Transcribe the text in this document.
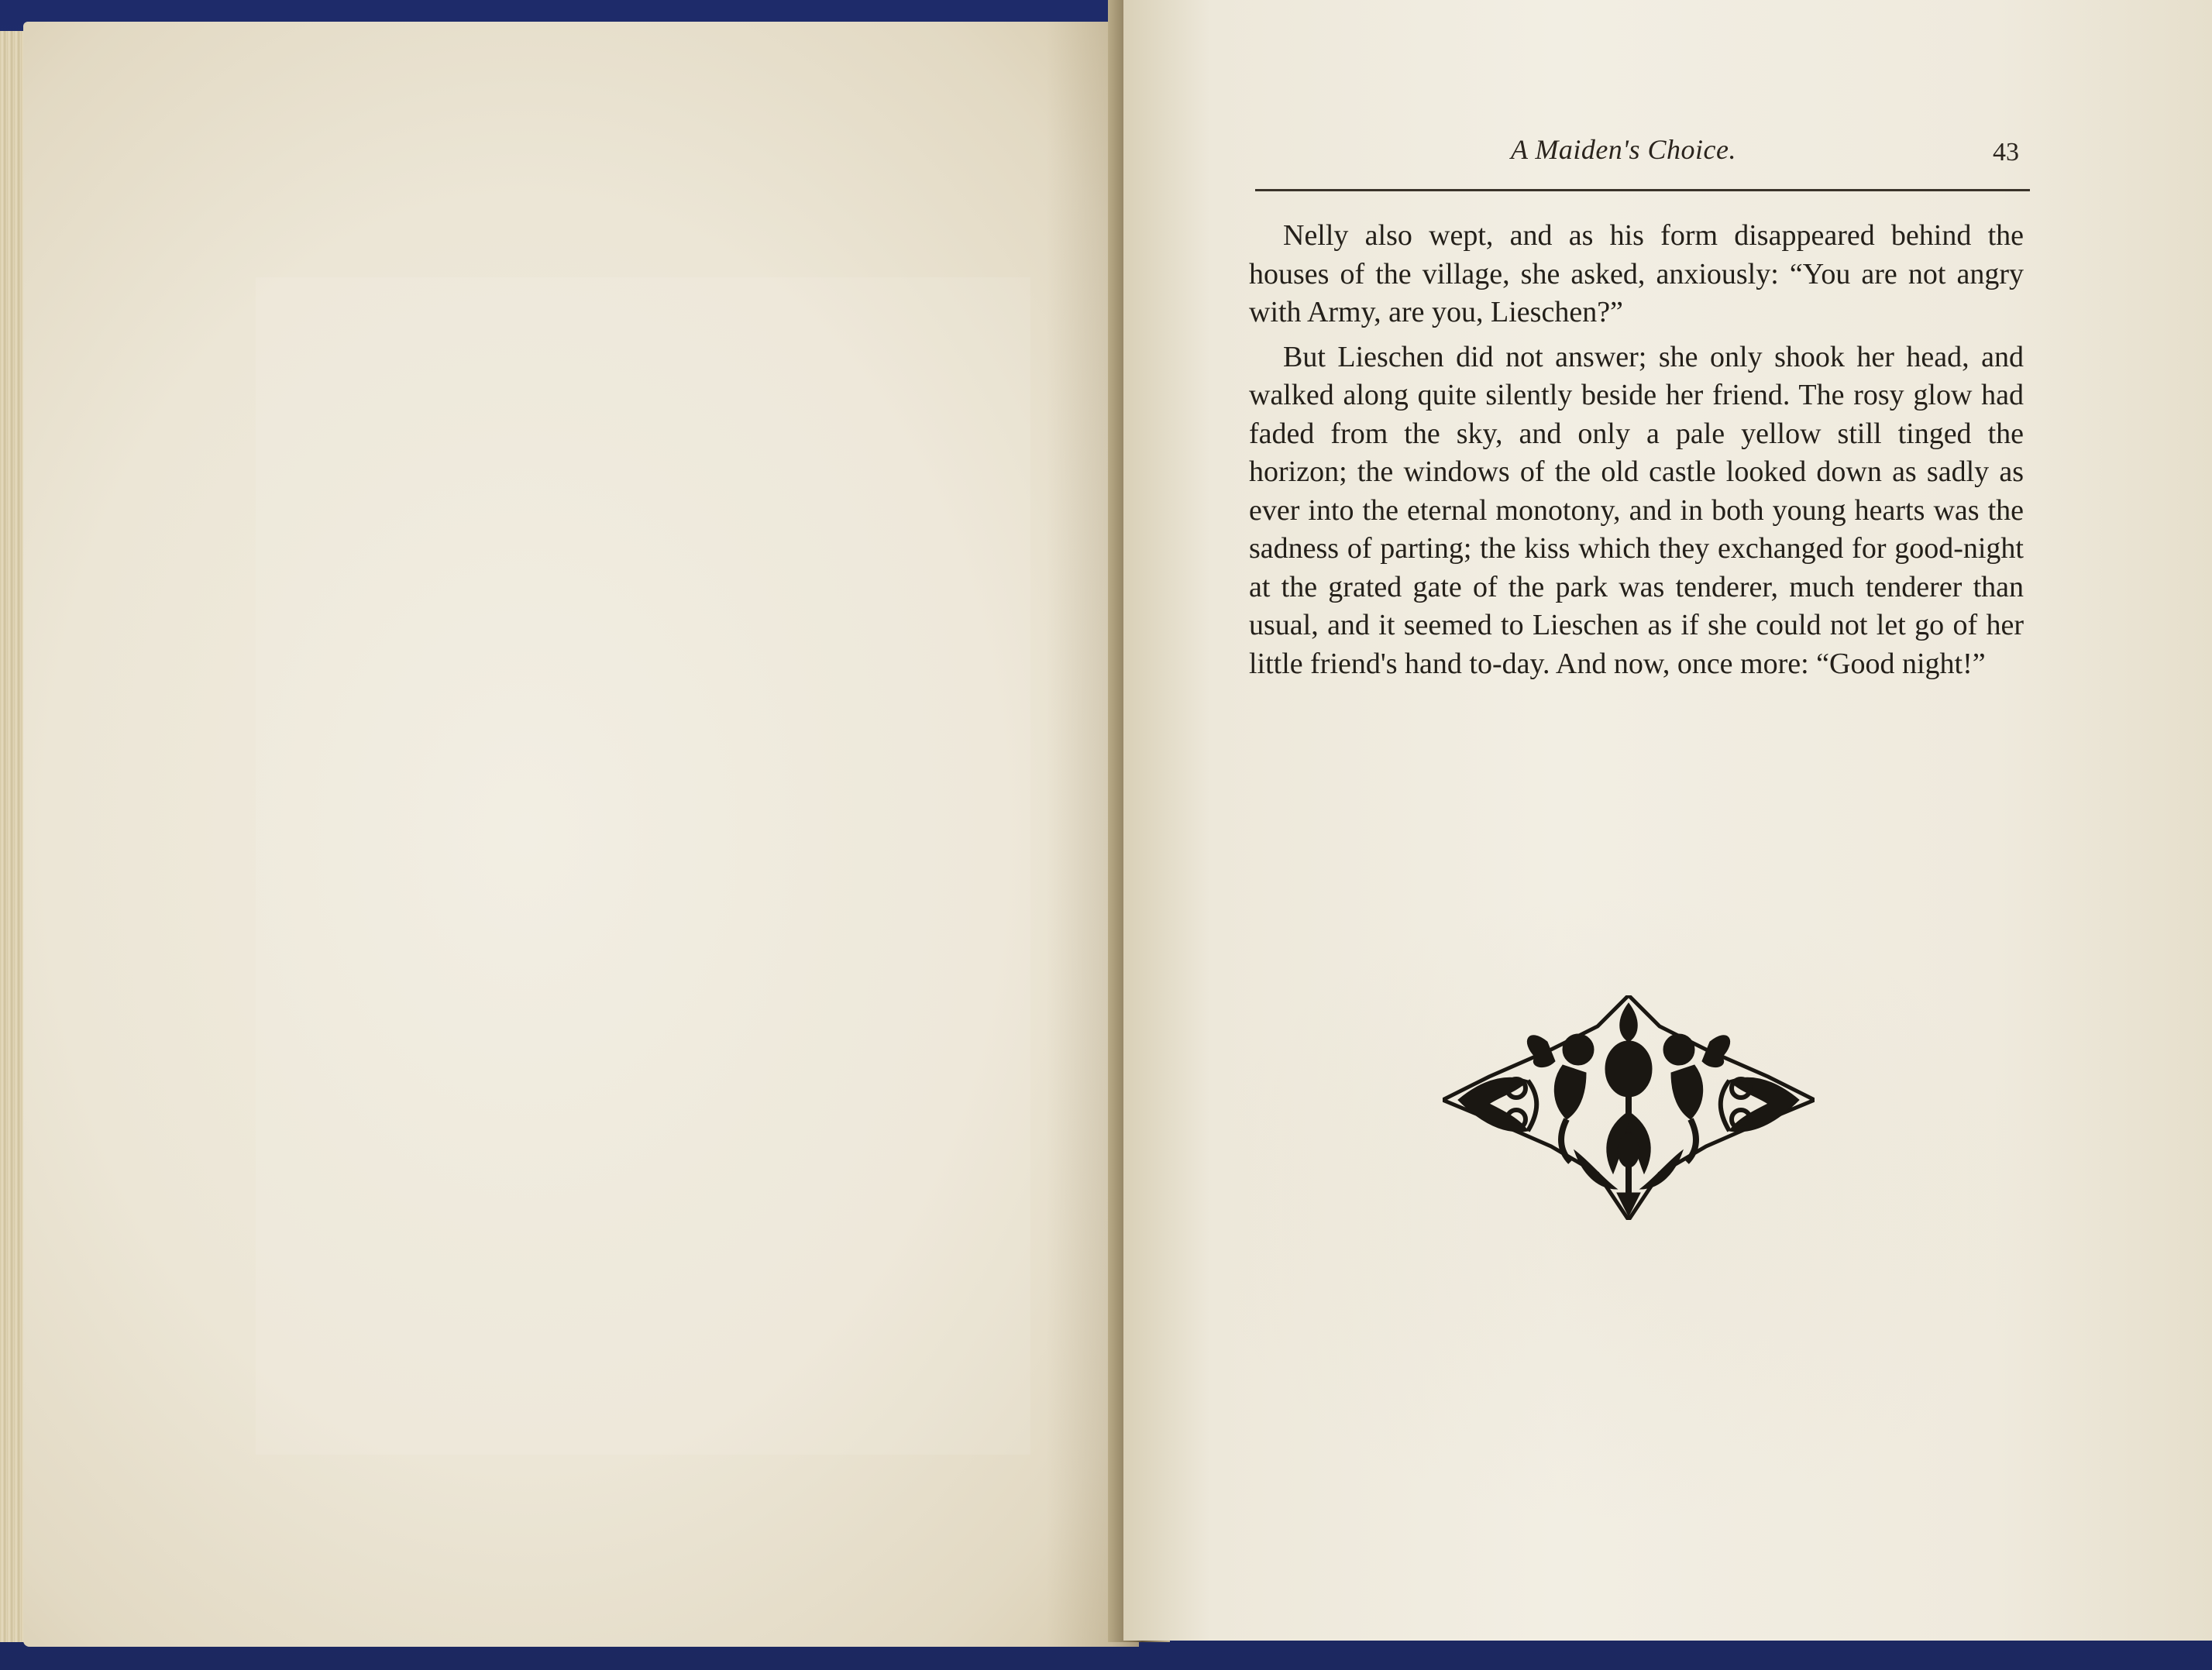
A Maiden's Choice.	43

Nelly also wept, and as his form disappeared behind the houses of the village, she asked, anxiously: “You are not angry with Army, are you, Lieschen?”

But Lieschen did not answer; she only shook her head, and walked along quite silently beside her friend. The rosy glow had faded from the sky, and only a pale yellow still tinged the horizon; the windows of the old castle looked down as sadly as ever into the eternal monotony, and in both young hearts was the sadness of parting; the kiss which they exchanged for good-night at the grated gate of the park was tenderer, much tenderer than usual, and it seemed to Lieschen as if she could not let go of her little friend's hand to-day. And now, once more: “Good night!”
